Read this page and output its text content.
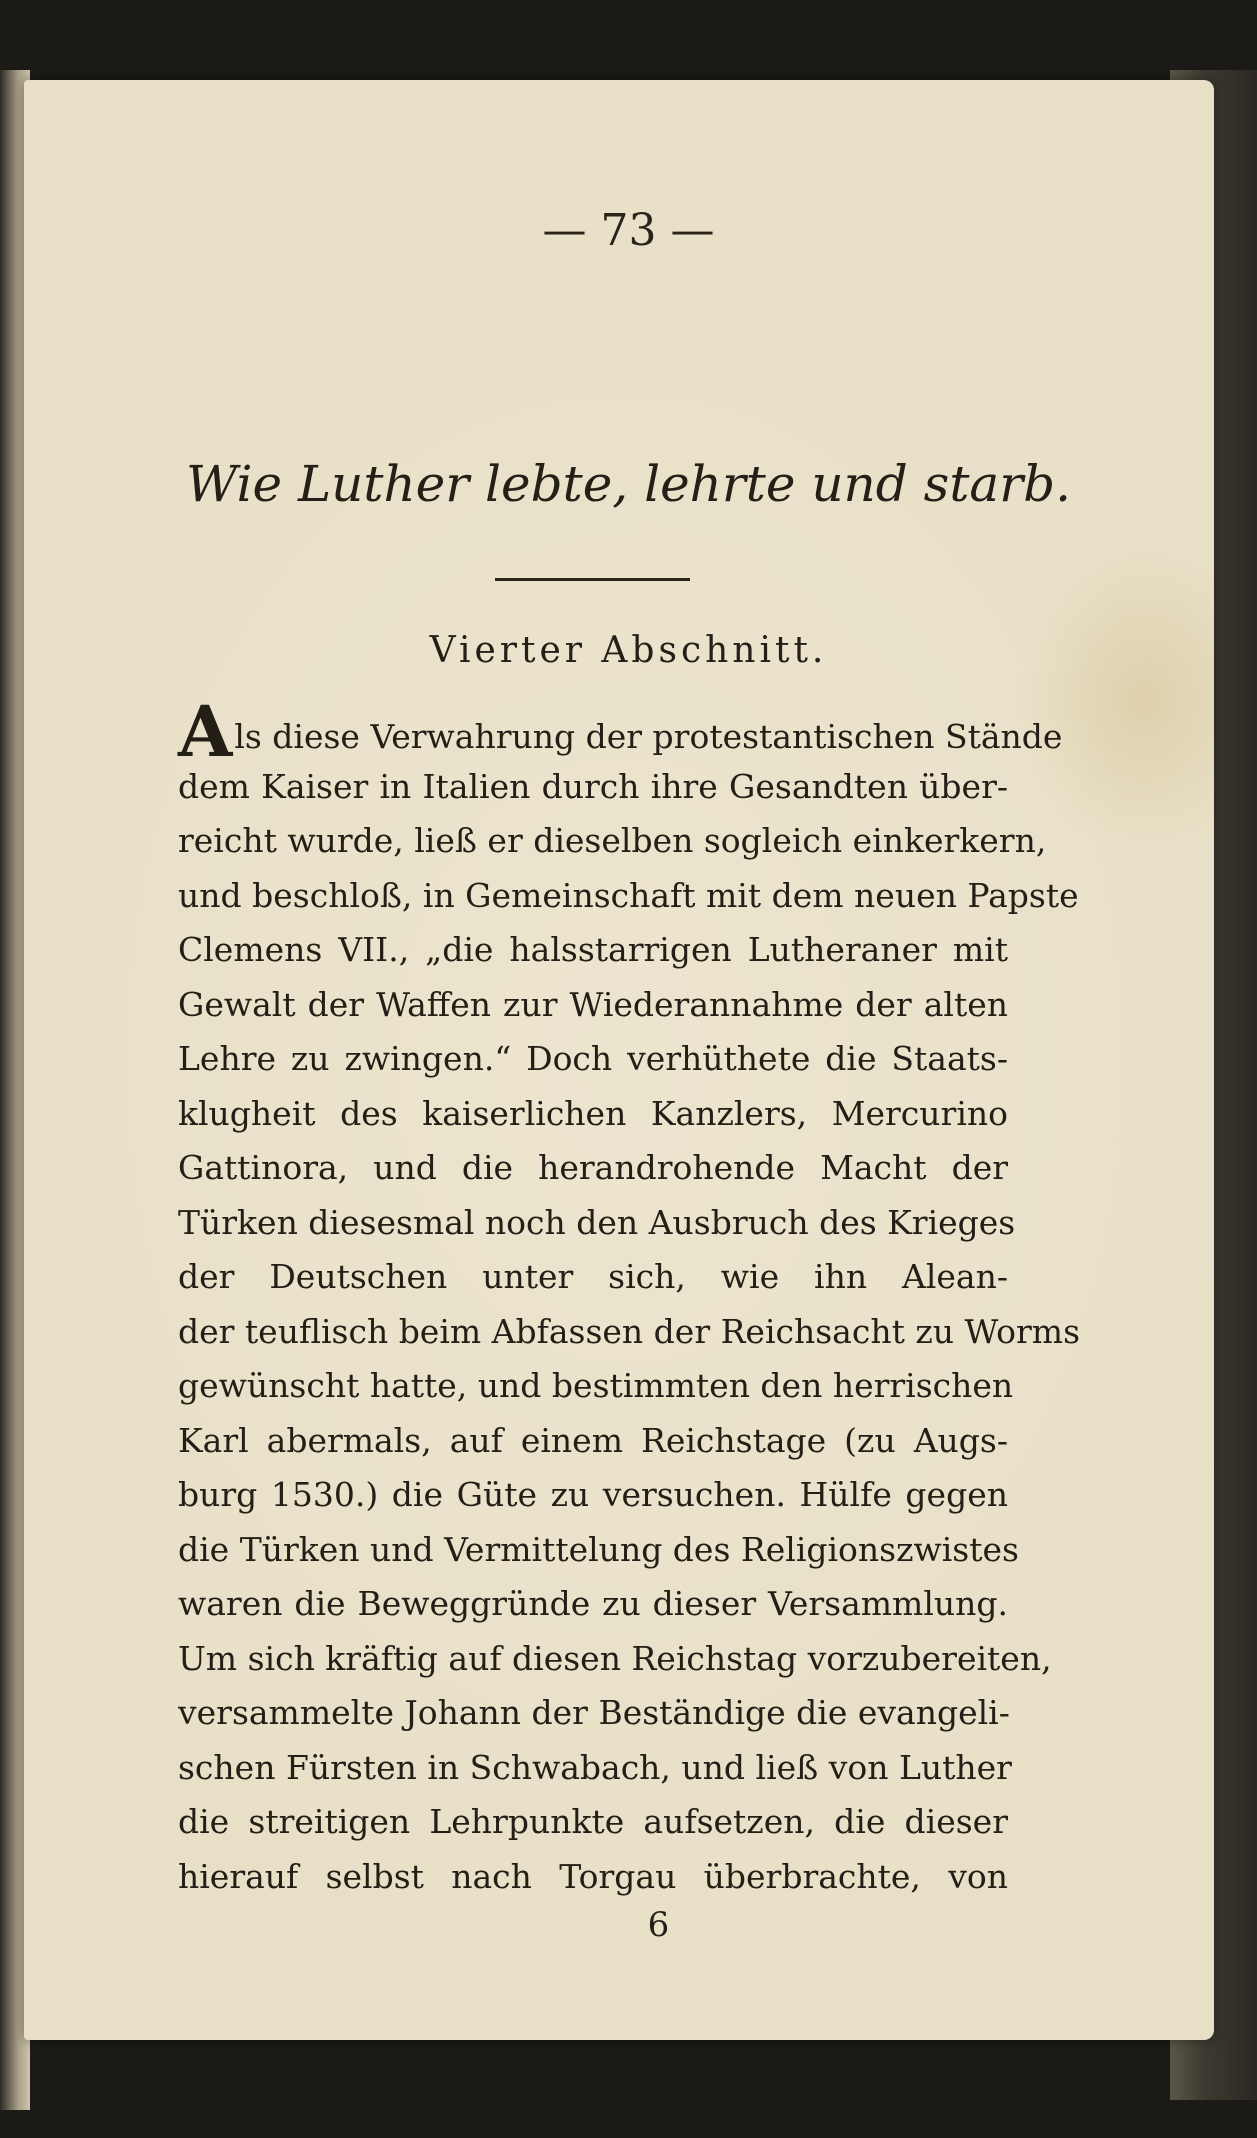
— 73 —
Wie Luther lebte, lehrte und starb.
Vierter Abschnitt.
Als diese Verwahrung der protestantischen Stände
dem Kaiser in Italien durch ihre Gesandten über-
reicht wurde, ließ er dieselben sogleich einkerkern,
und beschloß, in Gemeinschaft mit dem neuen Papste
Clemens VII., „die halsstarrigen Lutheraner mit
Gewalt der Waffen zur Wiederannahme der alten
Lehre zu zwingen.“ Doch verhüthete die Staats-
klugheit des kaiserlichen Kanzlers, Mercurino
Gattinora, und die herandrohende Macht der
Türken diesesmal noch den Ausbruch des Krieges
der Deutschen unter sich, wie ihn Alean-
der teuflisch beim Abfassen der Reichsacht zu Worms
gewünscht hatte, und bestimmten den herrischen
Karl abermals, auf einem Reichstage (zu Augs-
burg 1530.) die Güte zu versuchen. Hülfe gegen
die Türken und Vermittelung des Religionszwistes
waren die Beweggründe zu dieser Versammlung.
Um sich kräftig auf diesen Reichstag vorzubereiten,
versammelte Johann der Beständige die evangeli-
schen Fürsten in Schwabach, und ließ von Luther
die streitigen Lehrpunkte aufsetzen, die dieser
hierauf selbst nach Torgau überbrachte, von
6
